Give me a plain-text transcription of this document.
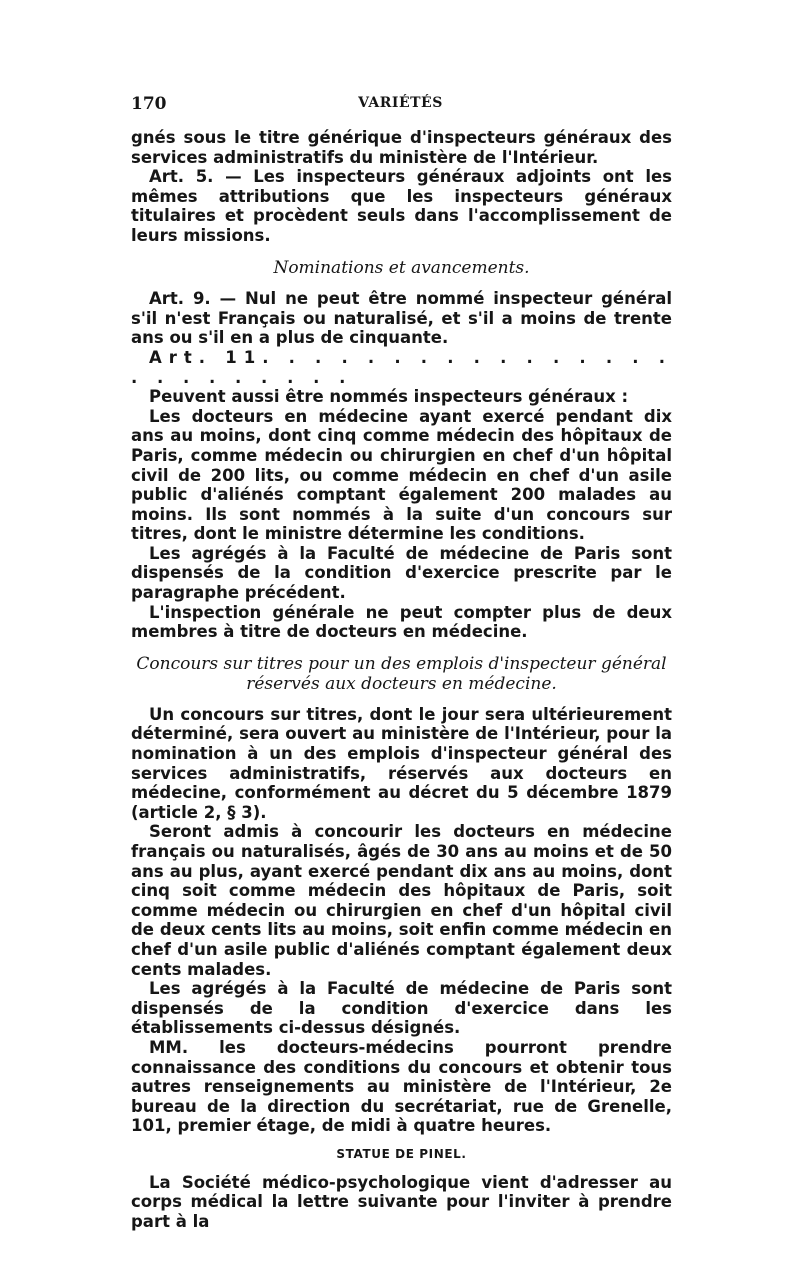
170	VARIÉTÉS

gnés sous le titre générique d'inspecteurs généraux des services administratifs du ministère de l'Intérieur.

Art. 5. — Les inspecteurs généraux adjoints ont les mêmes attributions que les inspecteurs généraux titulaires et procèdent seuls dans l'accomplissement de leurs missions.

Nominations et avancements.

Art. 9. — Nul ne peut être nommé inspecteur général s'il n'est Français ou naturalisé, et s'il a moins de trente ans ou s'il en a plus de cinquante.

Art. 11. . . . . . . . . . . . . . . . . . . . . . . . .

Peuvent aussi être nommés inspecteurs généraux :

Les docteurs en médecine ayant exercé pendant dix ans au moins, dont cinq comme médecin des hôpitaux de Paris, comme médecin ou chirurgien en chef d'un hôpital civil de 200 lits, ou comme médecin en chef d'un asile public d'aliénés comptant également 200 malades au moins. Ils sont nommés à la suite d'un concours sur titres, dont le ministre détermine les conditions.

Les agrégés à la Faculté de médecine de Paris sont dispensés de la condition d'exercice prescrite par le paragraphe précédent.

L'inspection générale ne peut compter plus de deux membres à titre de docteurs en médecine.

Concours sur titres pour un des emplois d'inspecteur général réservés aux docteurs en médecine.

Un concours sur titres, dont le jour sera ultérieurement déterminé, sera ouvert au ministère de l'Intérieur, pour la nomination à un des emplois d'inspecteur général des services administratifs, réservés aux docteurs en médecine, conformément au décret du 5 décembre 1879 (article 2, § 3).

Seront admis à concourir les docteurs en médecine français ou naturalisés, âgés de 30 ans au moins et de 50 ans au plus, ayant exercé pendant dix ans au moins, dont cinq soit comme médecin des hôpitaux de Paris, soit comme médecin ou chirurgien en chef d'un hôpital civil de deux cents lits au moins, soit enfin comme médecin en chef d'un asile public d'aliénés comptant également deux cents malades.

Les agrégés à la Faculté de médecine de Paris sont dispensés de la condition d'exercice dans les établissements ci-dessus désignés.

MM. les docteurs-médecins pourront prendre connaissance des conditions du concours et obtenir tous autres renseignements au ministère de l'Intérieur, 2e bureau de la direction du secrétariat, rue de Grenelle, 101, premier étage, de midi à quatre heures.

STATUE DE PINEL.

La Société médico-psychologique vient d'adresser au corps médical la lettre suivante pour l'inviter à prendre part à la
